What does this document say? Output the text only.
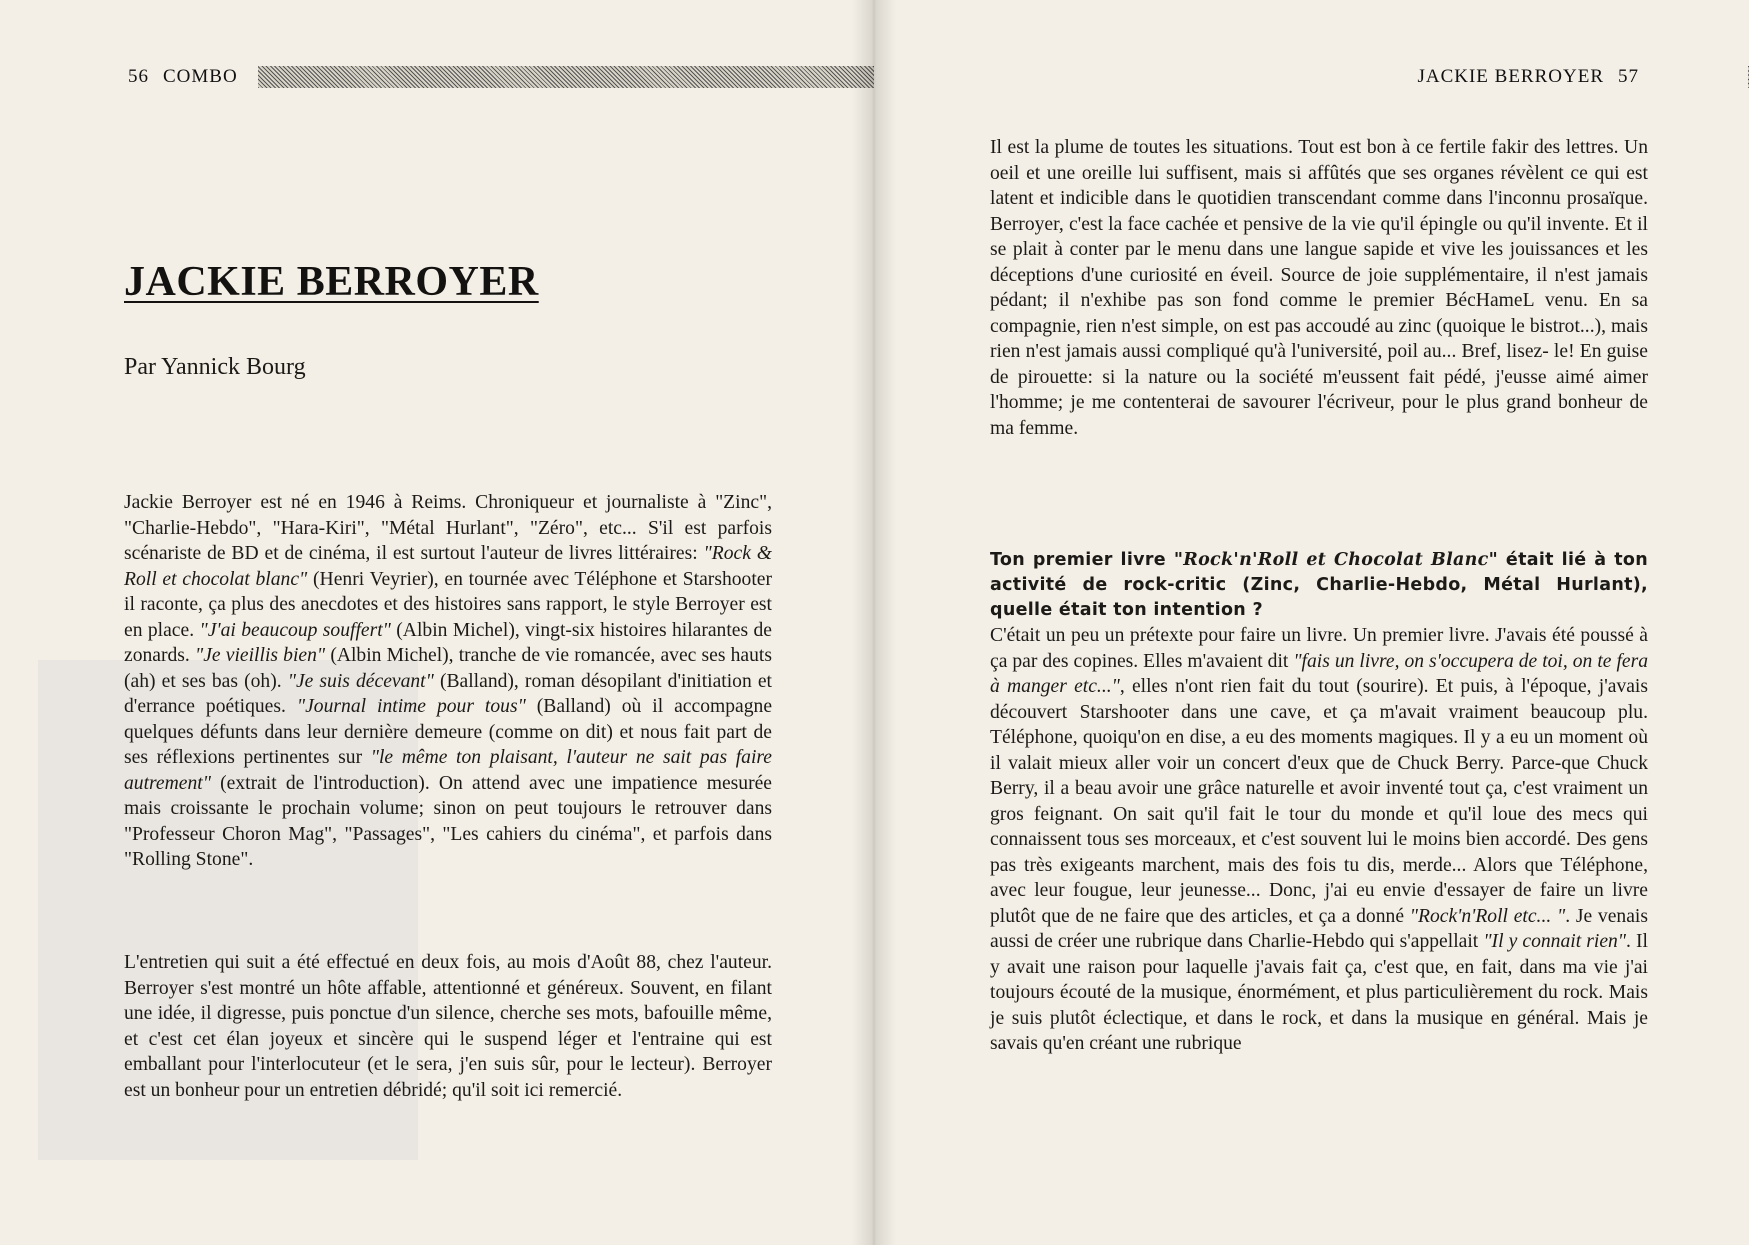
56 COMBO
JACKIE BERROYER

Par Yannick Bourg

Jackie Berroyer est né en 1946 à Reims. Chroniqueur et journaliste à "Zinc", "Charlie-Hebdo", "Hara-Kiri", "Métal Hurlant", "Zéro", etc... S'il est parfois scénariste de BD et de cinéma, il est surtout l'auteur de livres littéraires: "Rock & Roll et chocolat blanc" (Henri Veyrier), en tournée avec Téléphone et Starshooter il raconte, ça plus des anecdotes et des histoires sans rapport, le style Berroyer est en place. "J'ai beaucoup souffert" (Albin Michel), vingt-six histoires hilarantes de zonards. "Je vieillis bien" (Albin Michel), tranche de vie romancée, avec ses hauts (ah) et ses bas (oh). "Je suis décevant" (Balland), roman désopilant d'initiation et d'errance poétiques. "Journal intime pour tous" (Balland) où il accompagne quelques défunts dans leur dernière demeure (comme on dit) et nous fait part de ses réflexions pertinentes sur "le même ton plaisant, l'auteur ne sait pas faire autrement" (extrait de l'introduction). On attend avec une impatience mesurée mais croissante le prochain volume; sinon on peut toujours le retrouver dans "Professeur Choron Mag", "Passages", "Les cahiers du cinéma", et parfois dans "Rolling Stone".

L'entretien qui suit a été effectué en deux fois, au mois d'Août 88, chez l'auteur. Berroyer s'est montré un hôte affable, attentionné et généreux. Souvent, en filant une idée, il digresse, puis ponctue d'un silence, cherche ses mots, bafouille même, et c'est cet élan joyeux et sincère qui le suspend léger et l'entraine qui est emballant pour l'interlocuteur (et le sera, j'en suis sûr, pour le lecteur). Berroyer est un bonheur pour un entretien débridé; qu'il soit ici remercié.

JACKIE BERROYER 57

Il est la plume de toutes les situations. Tout est bon à ce fertile fakir des lettres. Un oeil et une oreille lui suffisent, mais si affûtés que ses organes révèlent ce qui est latent et indicible dans le quotidien transcendant comme dans l'inconnu prosaïque. Berroyer, c'est la face cachée et pensive de la vie qu'il épingle ou qu'il invente. Et il se plait à conter par le menu dans une langue sapide et vive les jouissances et les déceptions d'une curiosité en éveil. Source de joie supplémentaire, il n'est jamais pédant; il n'exhibe pas son fond comme le premier BécHameL venu. En sa compagnie, rien n'est simple, on est pas accoudé au zinc (quoique le bistrot...), mais rien n'est jamais aussi compliqué qu'à l'université, poil au... Bref, lisez- le! En guise de pirouette: si la nature ou la société m'eussent fait pédé, j'eusse aimé aimer l'homme; je me contenterai de savourer l'écriveur, pour le plus grand bonheur de ma femme.

Ton premier livre "Rock'n'Roll et Chocolat Blanc" était lié à ton activité de rock-critic (Zinc, Charlie-Hebdo, Métal Hurlant), quelle était ton intention ?

C'était un peu un prétexte pour faire un livre. Un premier livre. J'avais été poussé à ça par des copines. Elles m'avaient dit "fais un livre, on s'occupera de toi, on te fera à manger etc...", elles n'ont rien fait du tout (sourire). Et puis, à l'époque, j'avais découvert Starshooter dans une cave, et ça m'avait vraiment beaucoup plu. Téléphone, quoiqu'on en dise, a eu des moments magiques. Il y a eu un moment où il valait mieux aller voir un concert d'eux que de Chuck Berry. Parce-que Chuck Berry, il a beau avoir une grâce naturelle et avoir inventé tout ça, c'est vraiment un gros feignant. On sait qu'il fait le tour du monde et qu'il loue des mecs qui connaissent tous ses morceaux, et c'est souvent lui le moins bien accordé. Des gens pas très exigeants marchent, mais des fois tu dis, merde... Alors que Téléphone, avec leur fougue, leur jeunesse... Donc, j'ai eu envie d'essayer de faire un livre plutôt que de ne faire que des articles, et ça a donné "Rock'n'Roll etc... ". Je venais aussi de créer une rubrique dans Charlie-Hebdo qui s'appellait "Il y connait rien". Il y avait une raison pour laquelle j'avais fait ça, c'est que, en fait, dans ma vie j'ai toujours écouté de la musique, énormément, et plus particulièrement du rock. Mais je suis plutôt éclectique, et dans le rock, et dans la musique en général. Mais je savais qu'en créant une rubrique
